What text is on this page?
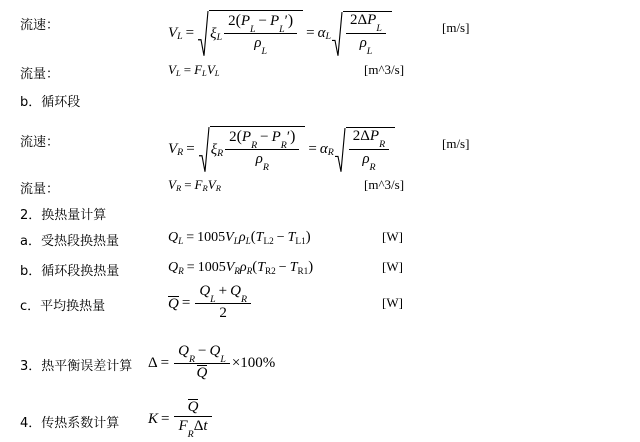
流速：	V L = ξ L $\frac{2(P_L- P_L')}{\rho_L} = \alpha$ L $\frac{2\Delta P_L}{\rho_L}$	[m/s]
流量：	V L = F L V L	[m^3/s]
b．循环段
流速：	V R = ξ R $\frac{2(P_R- P_R')}{\rho_R} = \alpha$ R $\frac{2\Delta P_R}{\rho_R}$	[m/s]
流量：	V R = F R V R	[m^3/s]
2．换热量计算
a．受热段换热量	Q L = 1005 V L ρ L ( T L2 − T L1 )	[W]
b．循环段换热量	Q R = 1005 V R ρ R ( T R2 − T R1 )	[W]
c．平均换热量	$Q = \frac{Q_L+ Q_R}{2}$	[W]
3．热平衡误差计算 $\Delta = \frac{Q_R- Q_L}{Q} \times 100\%$
4．传热系数计算 $K = \frac{Q}{F_R\Delta t}$
